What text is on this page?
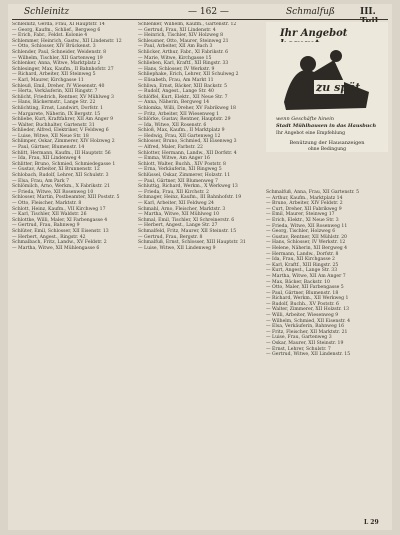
Schleinitz	— 162 —	Schmalfuß	III.

Schleinitz, Gerda, Frau, XI Hauptstr. 14

— Georg, Kaufm., Schlief., Bergweg 6

— Erich, Fabr., Feldst. Kolonie 4

Schlemmer, Heinrich, Gastw., XII Lindenstr. 12

— Otto, Schlosser, XIV Brückenst. 3

Schlender, Paul, Schneider, Weidenstr. 8

— Wilhelm, Tischler, XII Gartenweg 19

Schlenker, Anna, Witwe, Marktplatz 2

Schlesinger, Max, Kaufm., II Bahnhofstr. 27

— Richard, Arbeiter, XII Steinweg 5

— Karl, Maurer, Kirchgasse 11

Schleuß, Emil, Dreher, IV Wiesenstr. 40

— Herta, Verkäuferin, XIII Ringstr. 7

Schlicht, Friedrich, Rentner, XV Mühlweg 3

— Hans, Bäckermstr., Lange Str. 22

Schlichting, Ernst, Landwirt, Dorfstr. 1

— Margarete, Näherin, IX Bergstr. 15

Schliebe, Kurt, Kraftfahrer, XII Am Anger 9

— Walter, Buchhalter, Gartenstr. 31

Schlieder, Alfred, Elektriker, V Feldweg 6

— Luise, Witwe, XII Neue Str. 18

Schlimper, Oskar, Zimmerer, XIV Holzweg 2

— Paul, Gärtner, Blumenstr. 14

Schlitt, Hermann, Kaufm., III Hauptstr. 56

— Ida, Frau, XII Lindenweg 4

Schlitter, Bruno, Schmied, Schmiedegasse 1

— Gustav, Arbeiter, XI Brunnenstr. 12

Schlobach, Rudolf, Lehrer, XII Schulstr. 3

— Elsa, Frau, Am Park 7

Schlömilch, Arno, Werkm., X Fabrikstr. 21

— Frieda, Witwe, XII Rosenweg 10

Schlosser, Martin, Postbeamter, XIII Poststr. 5

— Otto, Fleischer, Marktstr. 8

Schlott, Heinz, Kaufm., VII Kirchweg 17

— Karl, Tischler, XII Waldstr. 26

Schlottke, Willi, Maler, XI Farbengasse 4

— Gertrud, Frau, Bahnweg 9

Schlüter, Emil, Schlosser, XII Eisenstr. 13

— Herbert, Angest., Ringstr. 42

Schmalbach, Fritz, Landw., XV Feldstr. 2

— Martha, Witwe, XII Mühlengasse 6

Schlenker, Wilhelm, Kaufm., Gartenstr. 12

— Gertrud, Frau, XII Lindenstr. 4

— Heinrich, Tischler, XIV Holzweg 8

Schleusner, Otto, Maurer, Steinweg 21

— Paul, Arbeiter, XII Am Bach 3

Schlicker, Arthur, Fabr., XI Fabrikstr. 6

— Marie, Witwe, Kirchgasse 15

Schlieben, Karl, Kraftf., XII Ringstr. 33

— Hans, Schlosser, IV Werkstr. 9

Schliephake, Erich, Lehrer, XII Schulweg 2

— Elisabeth, Frau, Am Markt 11

Schliwa, Ernst, Bäcker, XIII Backstr. 5

— Rudolf, Angest., Lange Str. 40

Schlöffel, Kurt, Elektr., XII Neue Str. 7

— Anna, Näherin, Bergweg 14

Schlomka, Willi, Dreher, XV Fabrikweg 18

— Fritz, Arbeiter, XII Wiesenweg 1

Schlörke, Gustav, Rentner, Hauptstr. 29

— Ida, Witwe, XII Rosenstr. 6

Schloß, Max, Kaufm., II Marktplatz 9

— Hedwig, Frau, XII Gartenweg 12

Schlosser, Bruno, Schmied, XI Eisenweg 3

— Alfred, Maler, Farbstr. 22

Schlotter, Hermann, Landw., XII Dorfstr. 4

— Emma, Witwe, Am Anger 16

Schlott, Walter, Buchh., XIV Poststr. 8

— Erna, Verkäuferin, XII Ringweg 5

Schlüssel, Oskar, Zimmerer, Holzstr. 11

— Paul, Gärtner, XII Blumenweg 7

Schluttig, Richard, Werkm., X Werkweg 13

— Frieda, Frau, XII Kirchstr. 2

Schmager, Heinz, Kaufm., III Bahnhofstr. 19

— Karl, Arbeiter, XII Feldweg 24

Schmahl, Arno, Fleischer, Marktstr. 3

— Martha, Witwe, XII Mühlweg 10

Schmal, Emil, Tischler, XI Schreinerstr. 6

— Herbert, Angest., Lange Str. 27

Schmalfeld, Fritz, Maurer, XII Steinstr. 15

— Gertrud, Frau, Bergstr. 8

Schmalfuß, Ernst, Schlosser, XIII Hauptstr. 31

— Luise, Witwe, XII Lindenweg 9

Ihr Angebot
zu spät
wenn Geschäfte hinein
Stadt Mühlhausen in das Hausbuch
Ihr Angebot eine Empfehlung
Benützung der Hausanzeigen
ohne Bedingung

Schmalfuß, Anna, Frau, XII Gartenstr. 5

— Arthur, Kaufm., Marktplatz 14

— Bruno, Arbeiter, XIV Feldstr. 2

— Curt, Dreher, XII Fabrikweg 9

— Emil, Maurer, Steinweg 17

— Erich, Elektr., XI Neue Str. 3

— Frieda, Witwe, XII Rosenweg 11

— Georg, Tischler, Holzweg 6

— Gustav, Rentner, XII Mühlstr. 20

— Hans, Schlosser, IV Werkstr. 12

— Helene, Näherin, XII Bergweg 4

— Hermann, Landw., Dorfstr. 8

— Ida, Frau, XII Kirchgasse 2

— Karl, Kraftf., XIII Ringstr. 25

— Kurt, Angest., Lange Str. 33

— Martha, Witwe, XII Am Anger 7

— Max, Bäcker, Backstr. 10

— Otto, Maler, XII Farbengasse 5

— Paul, Gärtner, Blumenstr. 18

— Richard, Werkm., XII Werkweg 1

— Rudolf, Buchh., XV Poststr. 6

— Walter, Zimmerer, XII Holzstr. 13

— Willi, Arbeiter, Wiesenweg 9

— Wilhelm, Schmied, XII Eisenstr. 4

— Elsa, Verkäuferin, Bahnweg 16

— Fritz, Fleischer, XII Marktstr. 21

— Luise, Frau, Gartenweg 3

— Oskar, Maurer, XII Steinstr. 19

— Ernst, Lehrer, Schulstr. 7

— Gertrud, Witwe, XII Lindenstr. 15

L 29
